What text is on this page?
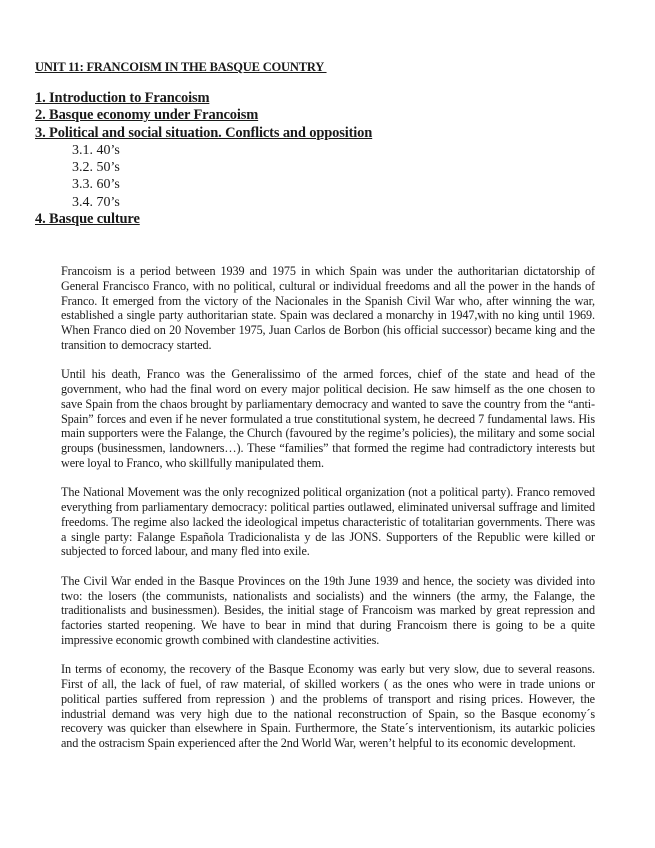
UNIT 11: FRANCOISM IN THE BASQUE COUNTRY
1. Introduction to Francoism
2. Basque economy under Francoism
3. Political and social situation. Conflicts and opposition
3.1. 40’s
3.2. 50’s
3.3. 60’s
3.4. 70’s
4. Basque culture

Francoism is a period between 1939 and 1975 in which Spain was under the authoritarian dictatorship of General Francisco Franco, with no political, cultural or individual freedoms and all the power in the hands of Franco. It emerged from the victory of the Nacionales in the Spanish Civil War who, after winning the war, established a single party authoritarian state. Spain was declared a monarchy in 1947,with no king until 1969. When Franco died on 20 November 1975, Juan Carlos de Borbon (his official successor) became king and the transition to democracy started.

Until his death, Franco was the Generalissimo of the armed forces, chief of the state and head of the government, who had the final word on every major political decision. He saw himself as the one chosen to save Spain from the chaos brought by parliamentary democracy and wanted to save the country from the “anti-Spain” forces and even if he never formulated a true constitutional system, he decreed 7 fundamental laws. His main supporters were the Falange, the Church (favoured by the regime’s policies), the military and some social groups (businessmen, landowners…). These “families” that formed the regime had contradictory interests but were loyal to Franco, who skillfully manipulated them.

The National Movement was the only recognized political organization (not a political party). Franco removed everything from parliamentary democracy: political parties outlawed, eliminated universal suffrage and limited freedoms. The regime also lacked the ideological impetus characteristic of totalitarian governments. There was a single party: Falange Española Tradicionalista y de las JONS. Supporters of the Republic were killed or subjected to forced labour, and many fled into exile.

The Civil War ended in the Basque Provinces on the 19th June 1939 and hence, the society was divided into two: the losers (the communists, nationalists and socialists) and the winners (the army, the Falange, the traditionalists and businessmen). Besides, the initial stage of Francoism was marked by great repression and factories started reopening. We have to bear in mind that during Francoism there is going to be a quite impressive economic growth combined with clandestine activities.

In terms of economy, the recovery of the Basque Economy was early but very slow, due to several reasons. First of all, the lack of fuel, of raw material, of skilled workers ( as the ones who were in trade unions or political parties suffered from repression ) and the problems of transport and rising prices. However, the industrial demand was very high due to the national reconstruction of Spain, so the Basque economy´s recovery was quicker than elsewhere in Spain. Furthermore, the State´s interventionism, its autarkic policies and the ostracism Spain experienced after the 2nd World War, weren’t helpful to its economic development.
